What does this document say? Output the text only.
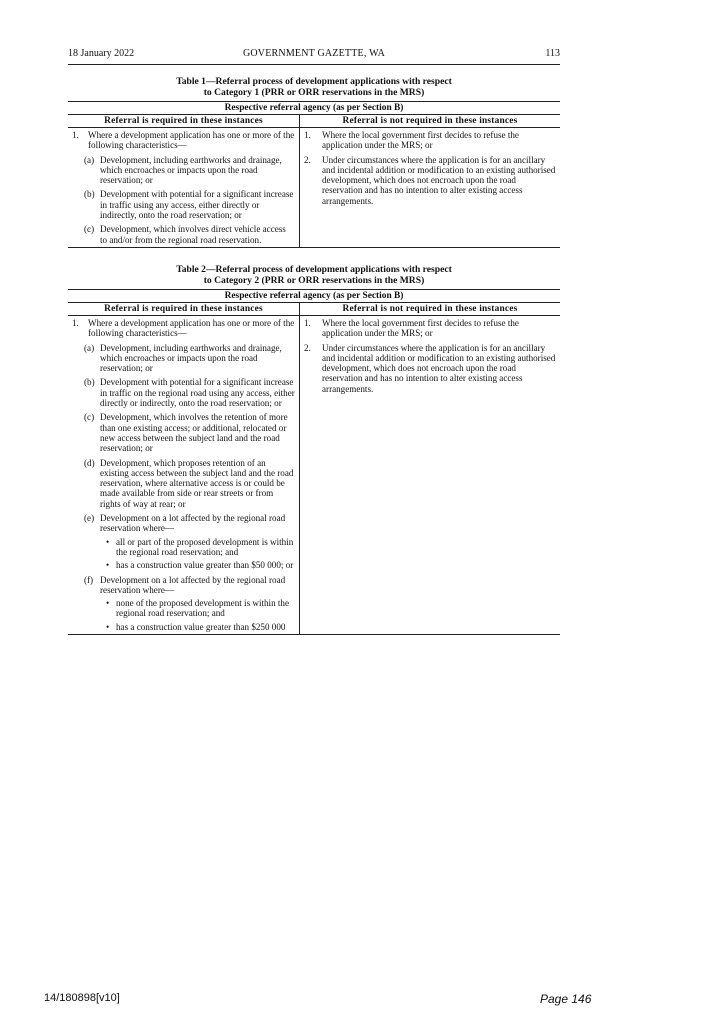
18 January 2022	GOVERNMENT GAZETTE, WA	113
Table 1—Referral process of development applications with respect
to Category 1 (PRR or ORR reservations in the MRS)
Respective referral agency (as per Section B)
Referral is required in these instances
1.	Where a development application has one or more of the following characteristics—
(a) Development, including earthworks and drainage, which encroaches or impacts upon the road reservation; or
(b) Development with potential for a significant increase in traffic using any access, either directly or indirectly, onto the road reservation; or
(c) Development, which involves direct vehicle access to and/or from the regional road reservation.
Referral is not required in these instances
1.	Where the local government first decides to refuse the application under the MRS; or
2.	Under circumstances where the application is for an ancillary and incidental addition or modification to an existing authorised development, which does not encroach upon the road reservation and has no intention to alter existing access arrangements.
Table 2—Referral process of development applications with respect
to Category 2 (PRR or ORR reservations in the MRS)
Respective referral agency (as per Section B)
Referral is required in these instances
1.	Where a development application has one or more of the following characteristics—
(a) Development, including earthworks and drainage, which encroaches or impacts upon the road reservation; or
(b) Development with potential for a significant increase in traffic on the regional road using any access, either directly or indirectly, onto the road reservation; or
(c) Development, which involves the retention of more than one existing access; or additional, relocated or new access between the subject land and the road reservation; or
(d) Development, which proposes retention of an existing access between the subject land and the road reservation, where alternative access is or could be made available from side or rear streets or from rights of way at rear; or
(e) Development on a lot affected by the regional road reservation where—
• all or part of the proposed development is within the regional road reservation; and
• has a construction value greater than $50 000; or
(f) Development on a lot affected by the regional road reservation where—
• none of the proposed development is within the regional road reservation; and
• has a construction value greater than $250 000
Referral is not required in these instances
1.	Where the local government first decides to refuse the application under the MRS; or
2.	Under circumstances where the application is for an ancillary and incidental addition or modification to an existing authorised development, which does not encroach upon the road reservation and has no intention to alter existing access arrangements.
14/180898[v10]	Page 146
